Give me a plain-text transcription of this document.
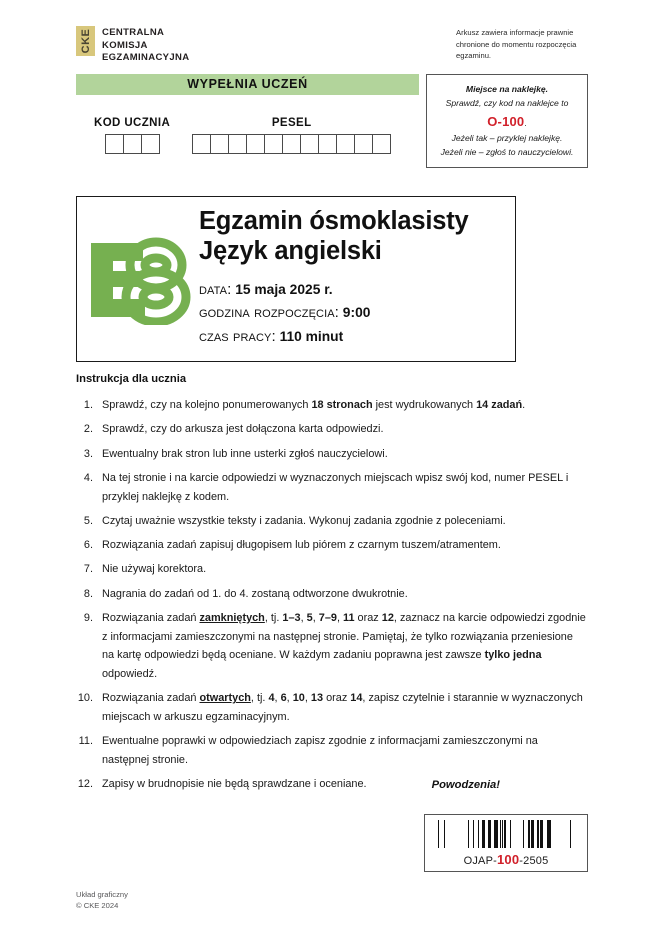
CKE CENTRALNA
KOMISJA
EGZAMINACYJNA
Arkusz zawiera informacje prawnie chronione do momentu rozpoczęcia egzaminu.
WYPEŁNIA UCZEŃ
KOD UCZNIA	PESEL
Miejsce na naklejkę.
Sprawdź, czy kod na naklejce to
O-100.
Jeżeli tak – przyklej naklejkę.
Jeżeli nie – zgłoś to nauczycielowi.
Egzamin ósmoklasisty
Język angielski
data: 15 maja 2025 r.
godzina rozpoczęcia: 9:00
czas pracy: 110 minut
Instrukcja dla ucznia
1. Sprawdź, czy na kolejno ponumerowanych 18 stronach jest wydrukowanych 14 zadań.
2. Sprawdź, czy do arkusza jest dołączona karta odpowiedzi.
3. Ewentualny brak stron lub inne usterki zgłoś nauczycielowi.
4. Na tej stronie i na karcie odpowiedzi w wyznaczonych miejscach wpisz swój kod, numer PESEL i przyklej naklejkę z kodem.
5. Czytaj uważnie wszystkie teksty i zadania. Wykonuj zadania zgodnie z poleceniami.
6. Rozwiązania zadań zapisuj długopisem lub piórem z czarnym tuszem/atramentem.
7. Nie używaj korektora.
8. Nagrania do zadań od 1. do 4. zostaną odtworzone dwukrotnie.
9. Rozwiązania zadań zamkniętych, tj. 1–3, 5, 7–9, 11 oraz 12, zaznacz na karcie odpowiedzi zgodnie z informacjami zamieszczonymi na następnej stronie. Pamiętaj, że tylko rozwiązania przeniesione na kartę odpowiedzi będą oceniane. W każdym zadaniu poprawna jest zawsze tylko jedna odpowiedź.
10. Rozwiązania zadań otwartych, tj. 4, 6, 10, 13 oraz 14, zapisz czytelnie i starannie w wyznaczonych miejscach w arkuszu egzaminacyjnym.
11. Ewentualne poprawki w odpowiedziach zapisz zgodnie z informacjami zamieszczonymi na następnej stronie.
12. Zapisy w brudnopisie nie będą sprawdzane i oceniane.	Powodzenia!
OJAP-100-2505
Układ graficzny
© CKE 2024
